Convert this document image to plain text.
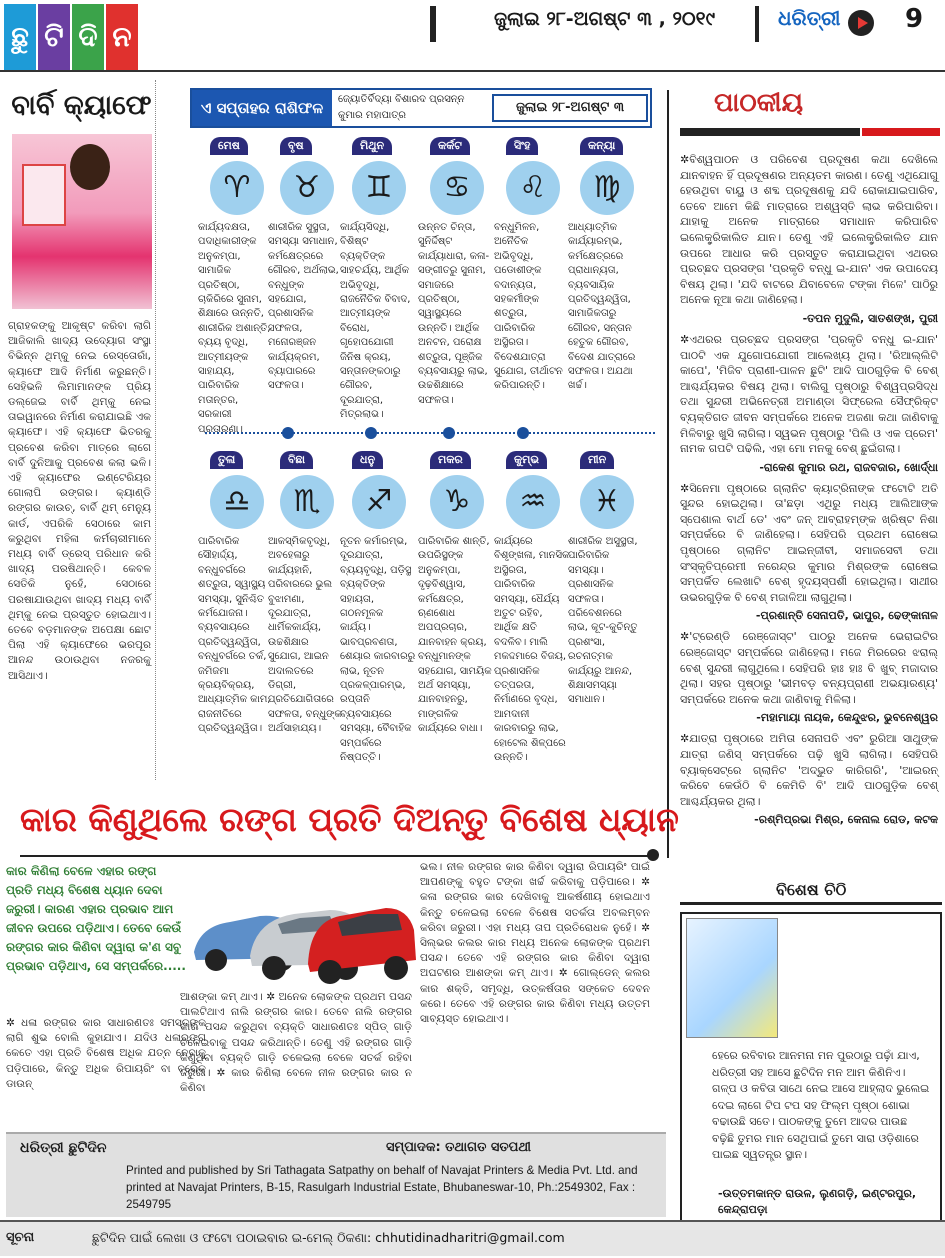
ଛୁ ଟି ଦି ନ
ଜୁଲାଇ ୨୮-ଅଗଷ୍ଟ ୩ , ୨୦୧୯	ଧରିତ୍ରୀ 9
ବାର୍ବି କ୍ୟାଫେ
ଗ୍ରାହକଙ୍କୁ ଆକୃଷ୍ଟ କରିବା ଲାଗି ଆଜିକାଲି ଖାଦ୍ୟ ଉଦ୍ୟୋଗ ସଂସ୍ଥା ବିଭିନ୍ନ ଥିମ୍‌କୁ ନେଇ ରେସ୍ତୋରାଁ, କ୍ୟାଫେ ଆଦି ନିର୍ମାଣ କରୁଛନ୍ତି। ସେହିଭଳି ଲିମାମାନଙ୍କ ପ୍ରିୟ ଡଲ୍‌ଜେଇ ବାର୍ବି ଥିମ୍‌କୁ ନେଇ ତାଇୱାନରେ ନିର୍ମାଣ କରାଯାଇଛି ଏକ କ୍ୟାଫେ। ଏହି କ୍ୟାଫେ ଭିତରକୁ ପ୍ରବେଶ କରିବା ମାତ୍ରେ ଲାଗେ ବାର୍ବି ଦୁନିଆକୁ ପ୍ରବେଶ କଲା ଭଳି। ଏହି କ୍ୟାଫେର ଇଣ୍ଟେରିୟର ଗୋଲାପି ରଙ୍ଗର। କ୍ୟାଣ୍ଡି ରଙ୍ଗର କାଉଚ୍‌, ବାର୍ବି ଥିମ୍ ମେନ୍ୟୁ କାର୍ଡ, ଏପରିକି ସେଠାରେ କାମ କରୁଥିବା ମହିଳା କର୍ମଚାରୀମାନେ ମଧ୍ୟ ବାର୍ବି ଡ୍ରେସ୍ ପରିଧାନ କରି ଖାଦ୍ୟ ପରଷିଥାନ୍ତି। କେବଳ ସେତିକି ନୁହେଁ, ସେଠାରେ ପରଷାଯାଉଥିବା ଖାଦ୍ୟ ମଧ୍ୟ ବାର୍ବି ଥିମ୍‌କୁ ନେଇ ପ୍ରସ୍ତୁତ ହୋଇଥାଏ। ତେବେ ବଡ଼ମାନଙ୍କ ଅପେକ୍ଷା ଛୋଟ ପିଲା ଏହି କ୍ୟାଫେରେ ଭରପୂର ଆନନ୍ଦ ଉଠାଉଥିବା ନଜରକୁ ଆସିଥାଏ।
ଏ ସପ୍ତାହର ରାଶିଫଳ	ଜ୍ୟୋତିର୍ବିଦ୍ୟା ବିଶାରଦ ପ୍ରସନ୍ନ କୁମାର ମହାପାତ୍ର
ଜୁଲାଇ ୨୮-ଅଗଷ୍ଟ ୩
ମେଷ
♈
କାର୍ଯ୍ୟଦକ୍ଷତା, ପଦାଧିକାରୀଙ୍କ ଅନୁକମ୍ପା, ସାମାଜିକ ପ୍ରତିଷ୍ଠା, ଚାକିରିରେ ସୁନାମ, ଶିକ୍ଷାରେ ଉନ୍ନତି, ଶାରୀରିକ ଅଶାନ୍ତି, ବ୍ୟୟ ବୃଦ୍ଧି, ଆତ୍ମୀୟଙ୍କ ସାହାଯ୍ୟ, ପାରିବାରିକ ମତାନ୍ତର, ସରକାରୀ ପ୍ରତାରଣା।
ବୃଷ
♉
ଶାରୀରିକ ସୁସ୍ଥତା, ସମସ୍ୟା ସମାଧାନ, କର୍ମକ୍ଷେତ୍ରରେ ଗୌରବ, ଅର୍ଥଲାଭ, ବନ୍ଧୁଙ୍କ ସହଯୋଗ, ପ୍ରଶାସନିକ ସଫଳତା, ମନୋରଞ୍ଜନ କାର୍ଯ୍ୟକ୍ରମ, ବ୍ୟାପାରରେ ସଫଳତା।
ମିଥୁନ
♊
କାର୍ଯ୍ୟସିଦ୍ଧି, ବିଶିଷ୍ଟ ବ୍ୟକ୍ତିଙ୍କ ସାହଚର୍ଯ୍ୟ, ଆର୍ଥିକ ଅଭିବୃଦ୍ଧି, ରାଜନୈତିକ ବିବାଦ, ଆତ୍ମୀୟଙ୍କ ବିରୋଧ, ଗୃହୋପଯୋଗୀ ଜିନିଷ କ୍ରୟ, ସନ୍ତାନଙ୍କଠାରୁ ଗୌରବ, ଦୂରଯାତ୍ରା, ମିତ୍ରଲାଭ।
କର୍କଟ
♋
ଉନ୍ନତ ଚିନ୍ତା, ସୁନିର୍ଦ୍ଦିଷ୍ଟ କାର୍ଯ୍ୟାଧାରା, କଳା-ସଙ୍ଗୀତରୁ ସୁନାମ, ସମାଜରେ ପ୍ରତିଷ୍ଠା, ସ୍ୱାସ୍ଥ୍ୟରେ ଉନ୍ନତି। ଆର୍ଥିକ ଅନଟନ, ପରୋକ୍ଷ ଶତ୍ରୁତା, ପୂଞ୍ଜିକ ବ୍ୟବସାୟରୁ ଲାଭ, ଉଚ୍ଚଶିକ୍ଷାରେ ସଫଳତା।
ସିଂହ
♌
ବନ୍ଧୁମିଳନ, ଅନୈତିକ ଅଭିବୃଦ୍ଧି, ପଡୋଶୀଙ୍କ ବଦାନ୍ୟତା, ସହକର୍ମୀଙ୍କ ଶତ୍ରୁତା, ପାରିବାରିକ ଅସ୍ଥିରତା। ବିଦେଶଯାତ୍ରା ସୁଯୋଗ, ତୀର୍ଥାଟନ କରିପାରନ୍ତି।
କନ୍ୟା
♍
ଆଧ୍ୟାତ୍ମିକ କାର୍ଯ୍ୟାରମ୍ଭ, କର୍ମକ୍ଷେତ୍ରରେ ପ୍ରାଧାନ୍ୟତା, ବ୍ୟବସାୟିକ ପ୍ରତିଦ୍ୱନ୍ଦ୍ୱିତା, ସାମାଜିକତାରୁ ଗୌରବ, ସନ୍ତାନ ହେତୁକ ଗୌରବ, ବିଦେଶ ଯାତ୍ରାରେ ସଫଳତା। ଅଯଥା ଖର୍ଚ୍ଚ।
ତୁଳା
♎
ପାରିବାରିକ ସୌହାର୍ଦ୍ଦ୍ୟ, ବନ୍ଧୁବର୍ଗରେ ଶତ୍ରୁତା, ସ୍ୱାସ୍ଥ୍ୟ ସମସ୍ୟା, ସୁନିଶ୍ଚିତ କର୍ମଯୋଜନା। ବ୍ୟବସାୟରେ ପ୍ରତିଦ୍ୱନ୍ଦ୍ୱିତା, ବନ୍ଧୁବର୍ଗରେ ତର୍କ, ଜମିଜମା କ୍ରୟବିକ୍ରୟ, ଆଧ୍ୟାତ୍ମିକ କାମ, ରାଜନୀତିରେ ପ୍ରତିଦ୍ୱନ୍ଦ୍ୱିତା।
ବିଛା
♏
ଆକସ୍ମିକବୃଦ୍ଧି, ଅବହେଳାରୁ କାର୍ଯ୍ୟହାନି, ପରିବାରରେ ଭୁଲ ବୁଝାମଣା, ଦୂରଯାତ୍ରା, ଧାର୍ମିକକାର୍ଯ୍ୟ, ଉଚ୍ଚଶିକ୍ଷାର ସୁଯୋଗ, ଆଇନ ଅଦାଲତରେ ଡିଗ୍ରୀ, ପ୍ରତିଯୋଗିତାରେ ସଫଳତା, ବନ୍ଧୁଙ୍କ ଅର୍ଥସାହାଯ୍ୟ।
ଧନୁ
♐
ନୂତନ କର୍ମାରମ୍ଭ, ଦୂରଯାତ୍ରା, ବ୍ୟୟବୃଦ୍ଧି, ପଡ଼ିସ୍ଥ ବ୍ୟକ୍ତିଙ୍କ ସହାୟତା, ଗଠନମୂଳକ କାର୍ଯ୍ୟ। ଭାବପ୍ରବଣତା, ଶେୟାର କାରବାରରୁ ଲାଭ, ନୂତନ ପ୍ରକଳ୍ପାରମ୍ଭ, ରପ୍ତାନି ବ୍ୟବସାୟରେ ସମସ୍ୟା, ବୈବାହିକ ସମ୍ପର୍କରେ ନିଷ୍ପତ୍ତି।
ମକର
♑
ପାରିବାରିକ ଶାନ୍ତି, ଉପରିସ୍ଥଙ୍କ ଅନୁକମ୍ପା, ଦୃଢ଼ବିଶ୍ୱାସ, କର୍ମକ୍ଷେତ୍ର, ଋଣଶୋଧ ଅପପ୍ରଚାର, ଯାନବାହନ କ୍ରୟ, ବନ୍ଧୁମାନଙ୍କ ସହଯୋଗ, ସାମୟିକ ଅର୍ଥ ସମସ୍ୟା, ଯାନବାହନରୁ, ମାଙ୍ଗଳିକ କାର୍ଯ୍ୟରେ ବାଧା।
କୁମ୍ଭ
♒
କାର୍ଯ୍ୟରେ ବିଶୃଙ୍ଖଳା, ମାନସିକ ଅସ୍ଥିରତା, ପାରିବାରିକ ସମସ୍ୟା, ଧୈର୍ଯ୍ୟ ଅତୁଟ ରହିବ, ଆର୍ଥିକ କ୍ଷତି ବଦଳିବ। ମାଲି ମକଦ୍ଦମାରେ ବିଜୟ, ପ୍ରଶାସନିକ ତତ୍ପରତା, ନିର୍ମାଣରେ ବୃଦ୍ଧ, ଆମଦାନୀ କାରବାରରୁ ଲାଭ, ହୋଟେଲ ଶିଳ୍ପରେ ଉନ୍ନତି।
ମୀନ
♓
ଶାରୀରିକ ଅସୁସ୍ଥତା, ପାରିବାରିକ ସମସ୍ୟା। ପ୍ରଶାସନିକ ସଫଳତା। ପରିବେଶନରେ ଲାଭ, କୂଟ-କୁଚିନ୍ତୁ ପ୍ରଶଂସା, ରଚନାତ୍ମକ କାର୍ଯ୍ୟରୁ ଆନନ୍ଦ, ଶିକ୍ଷାସମସ୍ୟା ସମାଧାନ।
କାର କିଣୁଥିଲେ ରଙ୍ଗ ପ୍ରତି ଦିଅନ୍ତୁ ବିଶେଷ ଧ୍ୟାନ
କାର କିଣିଲା ବେଳେ ଏହାର ରଙ୍ଗ ପ୍ରତି ମଧ୍ୟ ବିଶେଷ ଧ୍ୟାନ ଦେବା ଜରୁରୀ। କାରଣ ଏହାର ପ୍ରଭାବ ଆମ ଜୀବନ ଉପରେ ପଡ଼ିଥାଏ। ତେବେ କେଉଁ ରଙ୍ଗର କାର କିଣିବା ଦ୍ୱାରା କ'ଣ ସବୁ ପ୍ରଭାବ ପଡ଼ିଥାଏ, ସେ ସମ୍ପର୍କରେ.....
✲ ଧଳା ରଙ୍ଗର କାର ସାଧାରଣତଃ ସମସ୍ତଙ୍କ ଲାଗି ଶୁଭ ବୋଲି କୁହାଯାଏ। ଯଦିଓ ଧଳାରଙ୍ଗ କେତେ ଏହା ପ୍ରତି ବିଶେଷ ଅଧିକ ଯତ୍ନ ନେବାକୁ ପଡ଼ିପାରେ, କିନ୍ତୁ ଅଧିକ ରିପାୟରିଂ ବା ବ୍ରେକ୍ ଡାଉନ୍
ଆଶଙ୍କା କମ୍ ଥାଏ। ✲ ଅନେକ ଲୋକଙ୍କ ପ୍ରଥମ ପସନ୍ଦ ପାଲଟିଥାଏ ନାଲି ରଙ୍ଗର କାର। ତେବେ ନାଲି ରଙ୍ଗର କାର ପସନ୍ଦ କରୁଥିବା ବ୍ୟକ୍ତି ସାଧାରଣତଃ ସ୍ପିଡ୍ ଗାଡ଼ି ଚଳେଇବାକୁ ପସନ୍ଦ କରିଥାନ୍ତି। ତେଣୁ ଏହି ରଙ୍ଗର ଗାଡ଼ି କିଣୁଥିବା ବ୍ୟକ୍ତି ଗାଡ଼ି ଚଳେଇଲା ବେଳେ ସତର୍କ ରହିବା ଜରୁରୀ। ✲ କାର କିଣିଲା ବେଳେ ନୀଳ ରଙ୍ଗର କାର ନ କିଣିବା
ଭଲ। ନୀଳ ରଙ୍ଗର କାର କିଣିବା ଦ୍ୱାରା ରିପାୟରିଂ ପାଇଁ ଆପଣଙ୍କୁ ବହୁତ ଟଙ୍କା ଖର୍ଚ୍ଚ କରିବାକୁ ପଡ଼ିପାରେ। ✲ କଳା ରଙ୍ଗର କାର ଦେଖିବାକୁ ଆକର୍ଷଣୀୟ ହୋଇଥାଏ କିନ୍ତୁ ଚଳେଇଲା ବେଳେ ବିଶେଷ ସତର୍କତା ଅବଲମ୍ବନ କରିବା ଜରୁରୀ। ଏହା ମଧ୍ୟ ତାପ ପ୍ରତିରୋଧକ ନୁହେଁ। ✲ ସିଲ୍‌ଭର କଲର କାର ମଧ୍ୟ ଅନେକ ଲୋକଙ୍କ ପ୍ରଥମ ପସନ୍ଦ। ତେବେ ଏହି ରଙ୍ଗର କାର କିଣିବା ଦ୍ୱାରା ଅଘଟଣର ଆଶଙ୍କା କମ୍ ଥାଏ। ✲ ଗୋଲ୍ଡେନ୍ କଲର କାର ଶକ୍ତି, ସମୃଦ୍ଧି, ଉତ୍କର୍ଷତାର ସଙ୍କେତ ଦେବନ କରେ। ତେବେ ଏହି ରଙ୍ଗର କାର କିଣିବା ମଧ୍ୟ ଉତ୍ତମ ସାବ୍ୟସ୍ତ ହୋଇଥାଏ।
ପାଠକୀୟ

✲ବିଶ୍ୱପାଠନ ଓ ପରିବେଶ ପ୍ରଦୂଷଣ କଥା ଦେଖିଲେ ଯାନବାହନ ହିଁ ପ୍ରଦୂଷଣର ଅନ୍ୟତମ କାରଣ। ତେଣୁ ଏଥିଯୋଗୁ ହେଉଥିବା ବାୟୁ ଓ ଶବ୍ଦ ପ୍ରଦୂଷଣକୁ ଯଦି ରୋକାଯାଇପାରିବ, ତେବେ ଆମେ କିଛି ମାତ୍ରାରେ ଅଶ୍ୱସ୍ତି ଲାଭ କରିପାରିବା। ଯାହାକୁ ଅନେକ ମାତ୍ରାରେ ସମାଧାନ କରିପାରିବ ଇଲେକ୍ଟ୍ରିକାଲିତ ଯାନ। ତେଣୁ ଏହି ଇଲେକ୍ଟ୍ରିକାଲିତ ଯାନ ଉପରେ ଆଧାର କରି ପ୍ରସ୍ତୁତ କରାଯାଇଥିବା ଏଥରର ପ୍ରଚ୍ଛଦ ପ୍ରସଙ୍ଗ 'ପ୍ରକୃତି ବନ୍ଧୁ ଇ-ଯାନ' ଏକ ଉପାଦେୟ ବିଷୟ ଥିଲା। 'ଯଦି ବାଟରେ ଯିବାବେଳେ ଟଙ୍କା ମିଳେ' ପାଠିରୁ ଅନେକ ନୂଆ କଥା ଜାଣିହେଲା।

-ତପନ ମୁଦୁଲି, ସାତଶଙ୍ଖ, ପୁରୀ

✲ଏଥରର ପ୍ରଚ୍ଛଦ ପ୍ରସଙ୍ଗ 'ପ୍ରକୃତି ବନ୍ଧୁ ଇ-ଯାନ' ପାଠଟି ଏକ ଯୁଗୋପଯୋଗୀ ଆଲେଖ୍ୟ ଥିଲା। 'ରିଆଲ୍ଲିଟି କାପେ', 'ମିଜିବ ପ୍ରାଣୀ-ପାଳନ ଛୁଟି' ଆଦି ପାଠଗୁଡ଼ିକ ବି ବେଶ୍ ଆଶ୍ଚର୍ଯ୍ୟକର ବିଷୟ ଥିଲା। ବାଲିଗୁ ପୃଷ୍ଠାରୁ ବିଶ୍ୱପ୍ରସିଦ୍ଧ ତଥା ସୁନ୍ଦରୀ ଅଭିନେତ୍ରୀ ଅମାଣ୍ଡା ସିଫ୍ରେଲ ସୈଫ୍ରିକ୍ଟ ବ୍ୟକ୍ତିଗତ ଜୀବନ ସମ୍ପର୍କରେ ଅନେକ ଅଜଣା କଥା ଜାଣିବାକୁ ମିଳିବାରୁ ଖୁସି ଲାଗିଲା। ସ୍ୱଭନ ପୃଷ୍ଠାରୁ 'ପିଲି ଓ ଏକ ପ୍ରେମ' ନାମକ ଗପଟି ପଢିଲି, ଏହା ମୋ ମନକୁ ବେଶ୍ ଛୁଇଁଗଲା।

-ରାକେଶ କୁମାର ରଥ, ରାଜବଜାର, ଖୋର୍ଦ୍ଧା

✲ସିନେମା ପୃଷ୍ଠାରେ ଗ୍ଲାନିଟ କ୍ୟାଟ୍ରିନାଙ୍କ ଫଟୋଟି ଅତି ସୁନ୍ଦର ହୋଇଥିଲା। ତା'ଛଡ଼ା ଏଥିରୁ ମଧ୍ୟ ଆଲିଆଙ୍କ ସ୍ପେଶାଲ ବାର୍ଥ ଡେ' ଏବଂ ଜନ୍ ଆବ୍ରାହମ୍‌ଙ୍କ ଖ୍ରିଷ୍ଟ ନିଶା ସମ୍ପର୍କରେ ବି ଜାଣିହେଲା। ସେହିପରି ପ୍ରଥମ ରୋଷେଇ ପୃଷ୍ଠାରେ ଗ୍ଲାନିଟ ଆଇନ୍‌ଜୀବୀ, ସମାଜସେବୀ ତଥା ସଂସ୍କୃତିପ୍ରେମୀ ନରେନ୍ଦ୍ର କୁମାର ମିଶ୍ରଙ୍କ ରୋଷେଇ ସମ୍ପର୍କିତ ଲେଖାଟି ବେଶ୍ ହୃଦୟସ୍ପର୍ଶୀ ହୋଇଥିଲା। ସାଥୀର ଉଭରଗୁଡ଼ିକ ବି ବେଶ୍ ମଜାଳିଆ ଲାଗୁଥିଲା।

-ପ୍ରଶାନ୍ତି ସେନାପତି, ଭାପୁର, ଢେଙ୍କାନାଳ

✲'ଟ୍ରେଣ୍ଡି ରେଞ୍ଜୋସ୍ଟ' ପାଠରୁ ଅନେକ ଭେରାଇଟିର ରେଞ୍ଜୋସ୍ଟ ସମ୍ପର୍କରେ ଜାଣିହେଲା। ମଜେ ମିରରେର ଝରାଲ୍ ବେଶ୍ ସୁନ୍ଦରୀ ଲାଗୁଥିଲେ। ସେହିପରି ହାଃ ହାଃ ବି ଖୁବ୍ ମଜାଦାର ଥିଲା। ସହର ପୃଷ୍ଠାରୁ 'ଭୀମବଡ଼ ବନ୍ୟପ୍ରାଣୀ ଅଭୟାରଣ୍ୟ' ସମ୍ପର୍କରେ ଅନେକ କଥା ଜାଣିବାକୁ ମିଳିଲା।

-ମହାମାୟା ନାୟକ, କେନ୍ଦୁଝର, ଭୁବନେଶ୍ୱର

✲ଯାତ୍ରା ପୃଷ୍ଠାରେ ଅମିତା ସେନାପତି ଏବଂ ରୁରିଆ ସାଥୁଙ୍କ ଯାତ୍ରା ଜଣିସ୍ ସମ୍ପର୍କରେ ପଢ଼ି ଖୁସି ଲାଗିଲା। ସେହିପରି ବ୍ୟାକ୍‌ସେଟ୍‌ରେ ଗ୍ଲାନିଟ 'ଅଦ୍ଭୁତ କାରିଗରି', 'ଆଇରନ୍ କରିବେ କେଉଁଠି ବି କେମିତି ବି' ଆଦି ପାଠଗୁଡ଼ିକ ବେଶ୍ ଆଶ୍ଚର୍ଯ୍ୟକର ଥିଲା।

-ରଶ୍ମିପ୍ରଭା ମିଶ୍ର, କେନାଲ ରୋଡ, କଟକ
ବିଶେଷ ଚିଠି
ହେରେ ରବିବାର ଆନମନା ମନ ପୁରଠାରୁ ପଢ଼ାଁ ଯାଏ, ଧରିତ୍ରୀ ସହ ଆସେ ଛୁଟିଦିନ ମନ ଆମ କିଣିନିଏ। ଗଳ୍ପ ଓ କବିତା ସାଥେ ନେଇ ଆସେ ଆହ୍ଲାଦ ଭୁଲେଇ ଦେଇ ଲାଗେ ଟିପ ଟପ ସହ ଫିଲ୍ମ ପୃଷ୍ଠା ଶୋଭା ବଢାଉଛି ସତେ। ପାଠକଙ୍କୁ ତୁମେ ଆଦର ପାଉଛ ବଢ଼ିଛି ତୁମର ମାନ ସେଥିପାଇଁ ତୁମେ ସାରା ଓଡ଼ିଶାରେ ପାଇଛ ସ୍ୱତନ୍ତ୍ର ସ୍ଥାନ।
-ଉତ୍ତମକାନ୍ତ ରାଉଳ, ଲୁଣଗଡ଼ି, ଇଣ୍ଟରପୁର, କେନ୍ଦ୍ରାପଡ଼ା
ଧରିତ୍ରୀ ଛୁଟିଦିନ	ସମ୍ପାଦକ: ତଥାଗତ ସତପଥୀ
Printed and published by Sri Tathagata Satpathy on behalf of Navajat Printers & Media Pvt. Ltd. and printed at Navajat Printers, B-15, Rasulgarh Industrial Estate, Bhubaneswar-10, Ph.:2549302, Fax : 2549795
ସୂଚନା	ଛୁଟିଦିନ ପାଇଁ ଲେଖା ଓ ଫଟୋ ପଠାଇବାର ଇ-ମେଲ୍ ଠିକଣା: chhutidinadharitri@gmail.com
